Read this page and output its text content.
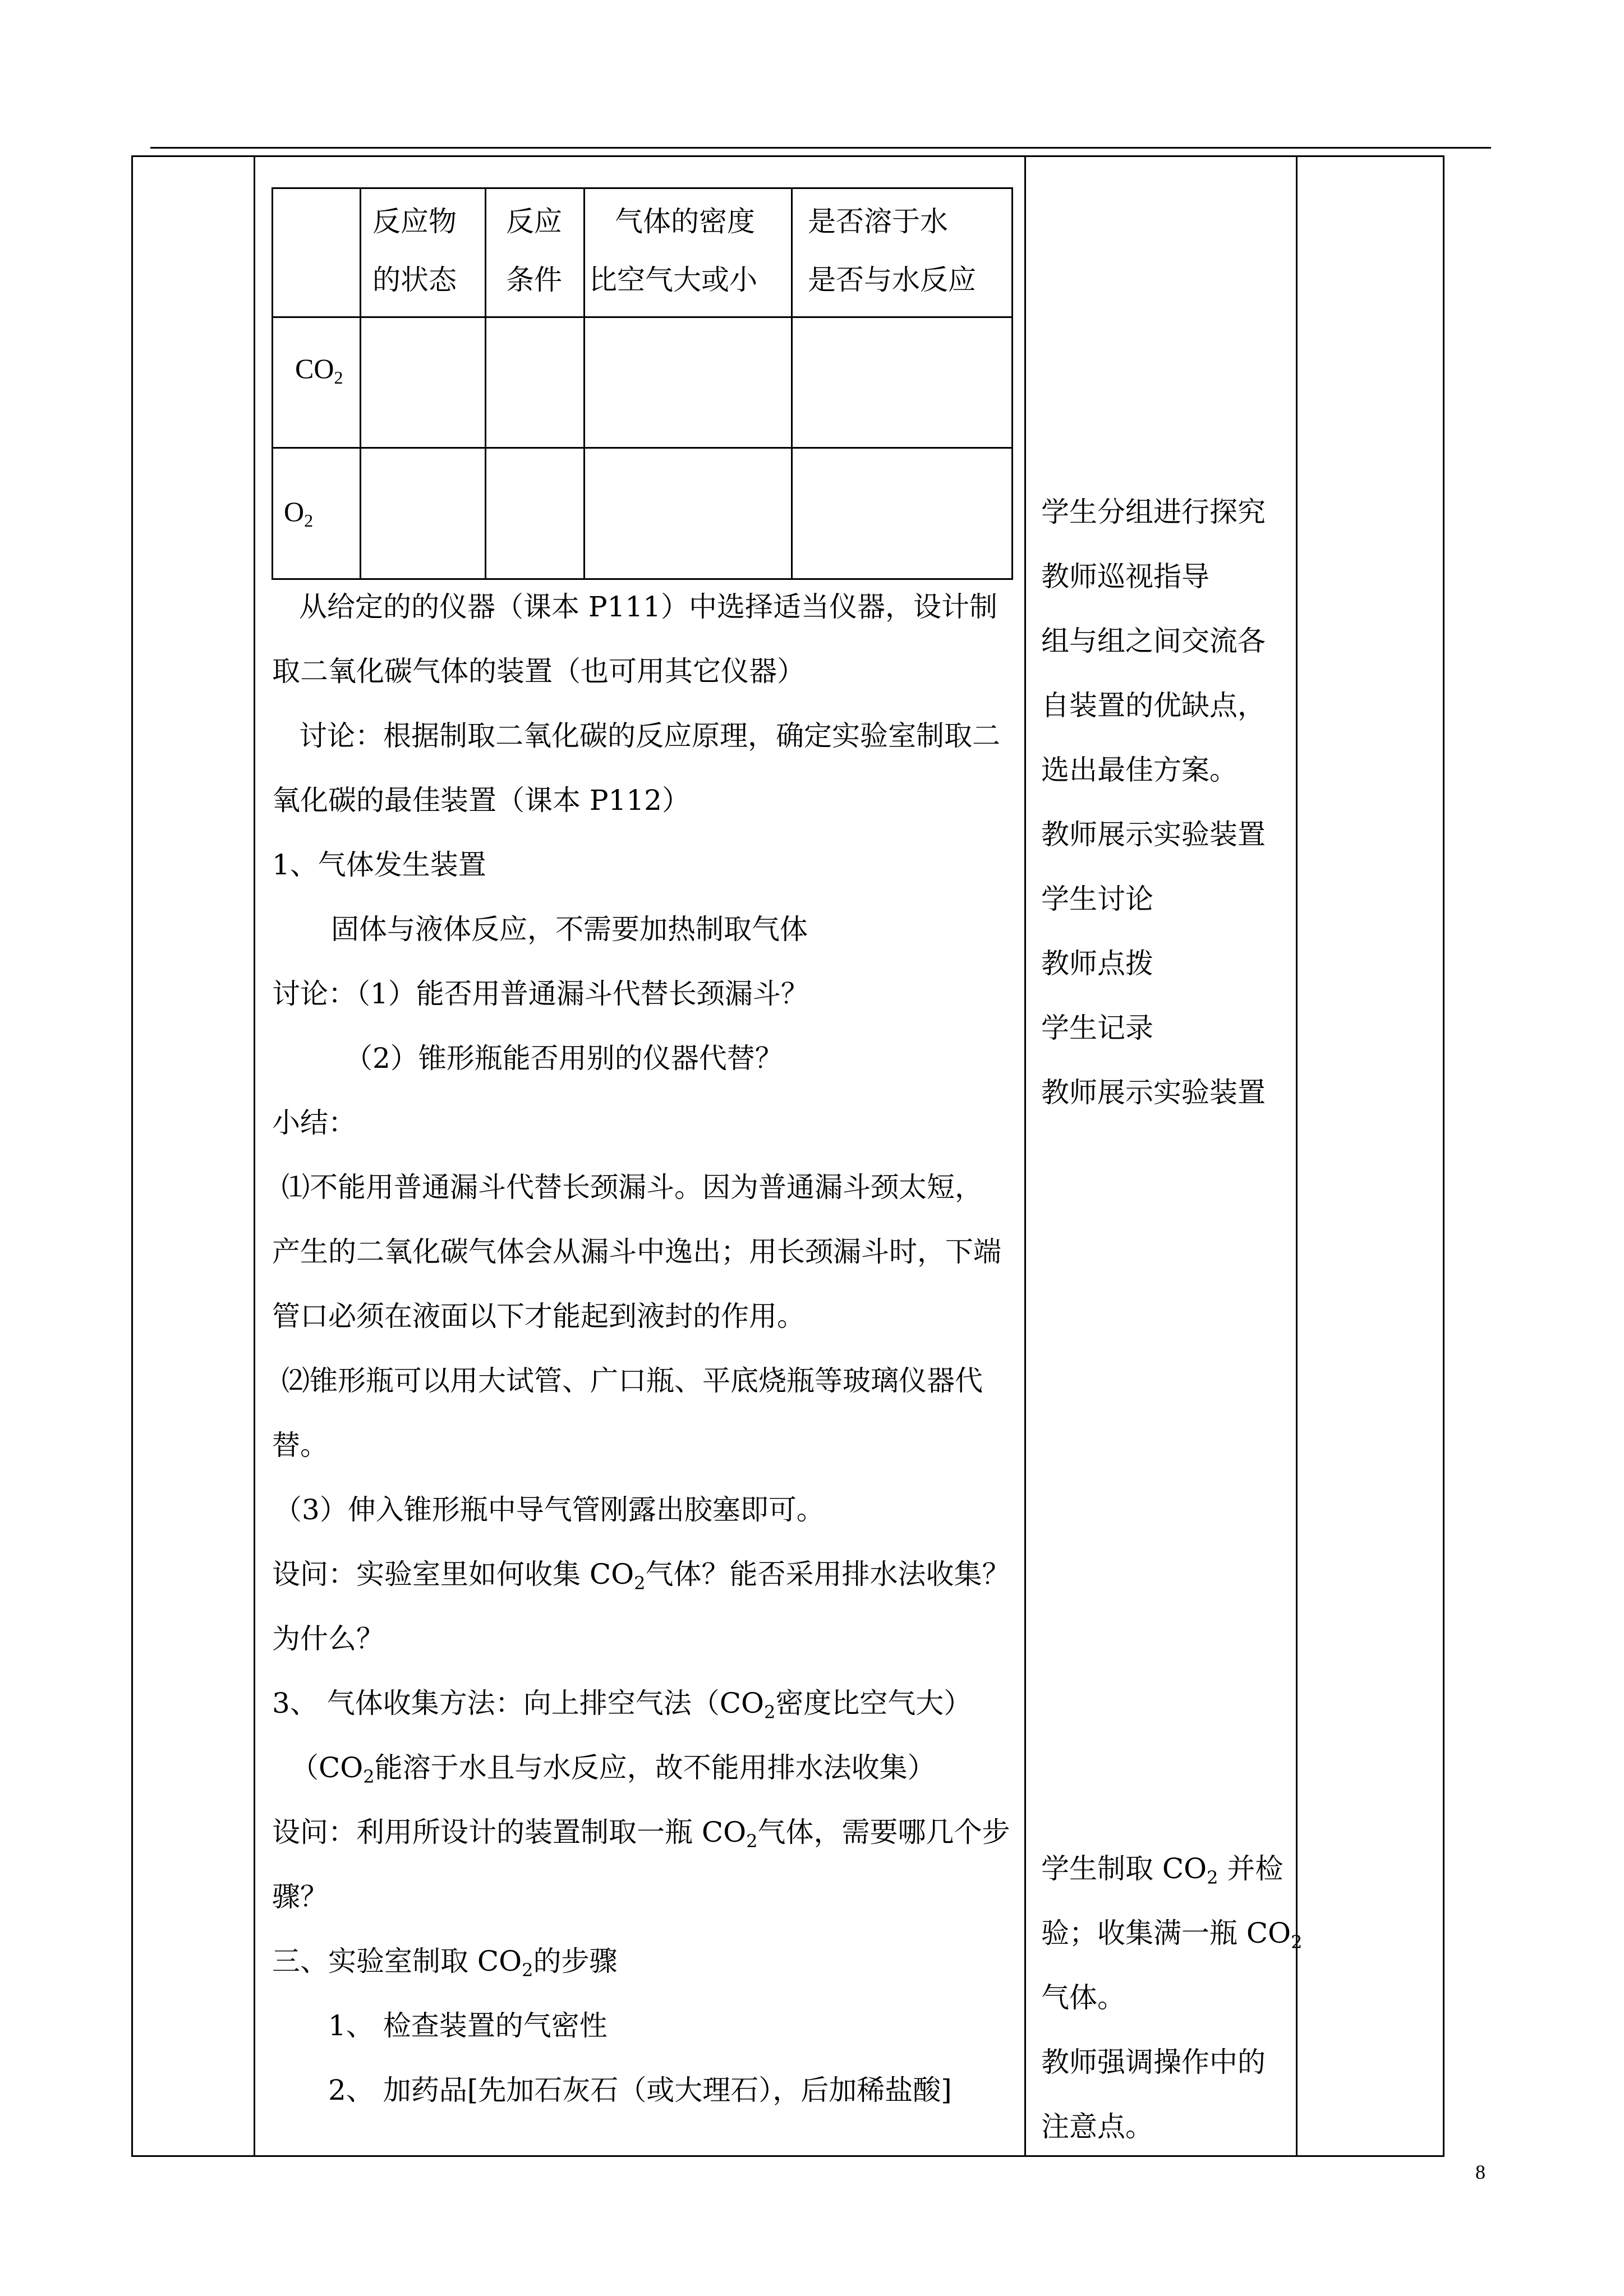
反应物
的状态
反应
条件
气体的密度
比空气大或小
是否溶于水
是否与水反应
$CO_2$
$O_2$
从给定的的仪器（课本 P111）中选择适当仪器，设计制
取二氧化碳气体的装置（也可用其它仪器）
讨论：根据制取二氧化碳的反应原理，确定实验室制取二
氧化碳的最佳装置（课本 P112）
1、气体发生装置
固体与液体反应，不需要加热制取气体
讨论：（1）能否用普通漏斗代替长颈漏斗？
（2）锥形瓶能否用别的仪器代替？
小结：
⑴不能用普通漏斗代替长颈漏斗。因为普通漏斗颈太短，
产生的二氧化碳气体会从漏斗中逸出；用长颈漏斗时，下端
管口必须在液面以下才能起到液封的作用。
⑵锥形瓶可以用大试管、广口瓶、平底烧瓶等玻璃仪器代
替。
（3）伸入锥形瓶中导气管刚露出胶塞即可。
设问：实验室里如何收集 $CO_2$气体？能否采用排水法收集？
为什么？
3、 气体收集方法：向上排空气法（$CO_2$密度比空气大）
（$CO_2$能溶于水且与水反应，故不能用排水法收集）
设问：利用所设计的装置制取一瓶 $CO_2$气体，需要哪几个步
骤？
三、实验室制取 $CO_2$的步骤
1、 检查装置的气密性
2、 加药品[先加石灰石（或大理石），后加稀盐酸]
学生分组进行探究
教师巡视指导
组与组之间交流各
自装置的优缺点，
选出最佳方案。
教师展示实验装置
学生讨论
教师点拨
学生记录
教师展示实验装置
学生制取 $CO_2$ 并检
验；收集满一瓶 $CO_2$
气体。
教师强调操作中的
注意点。
8
